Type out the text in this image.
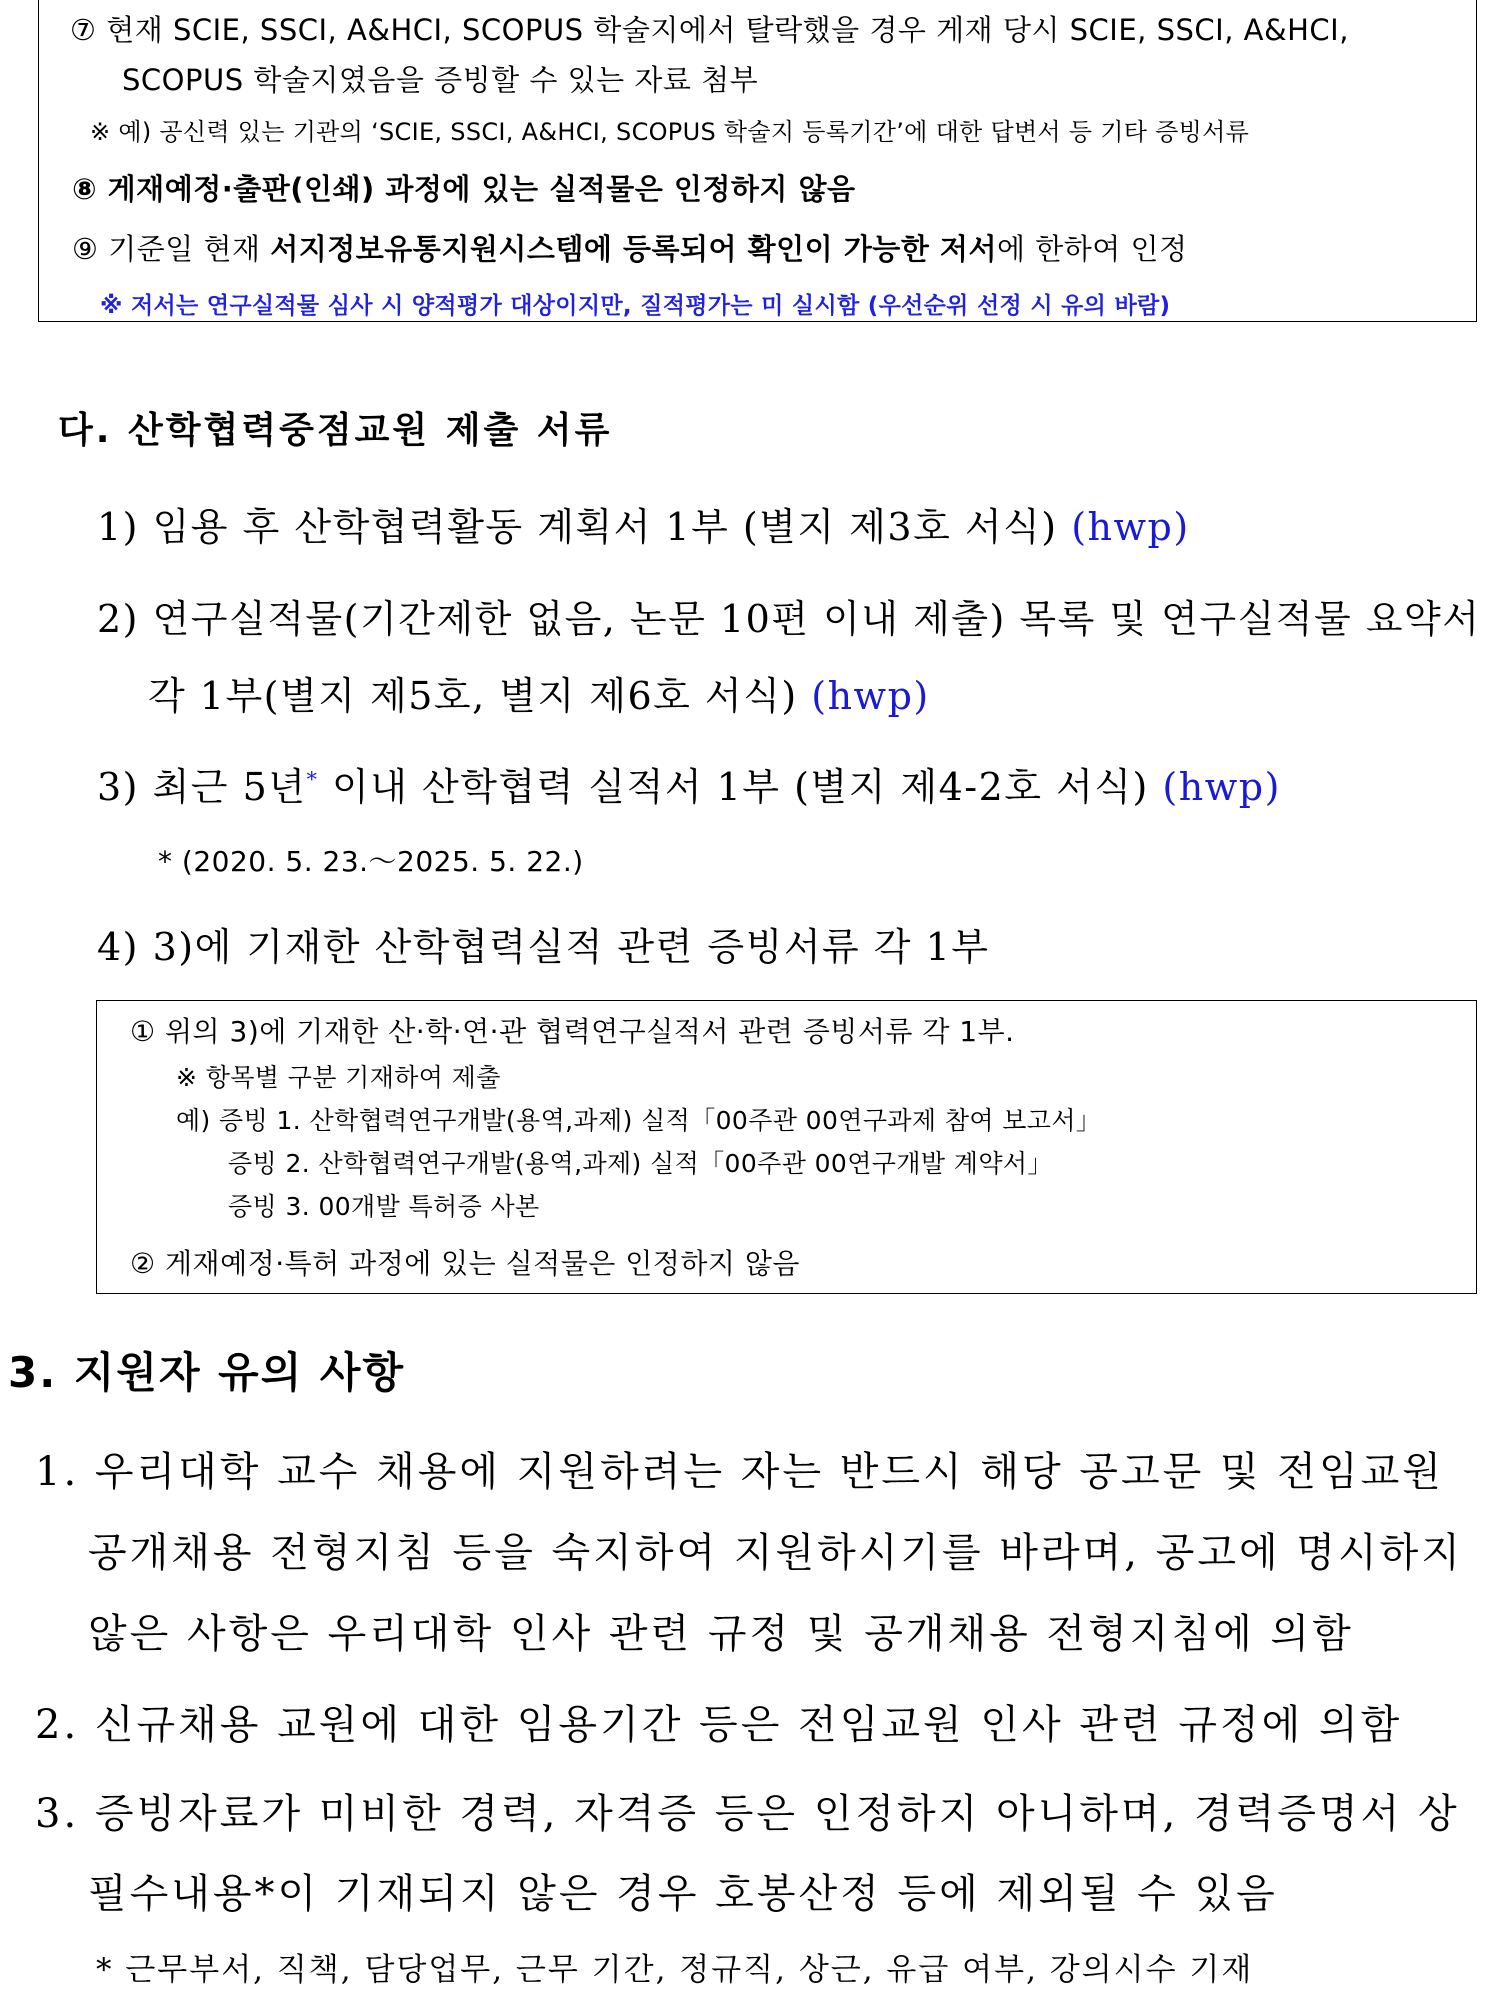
⑦ 현재 SCIE, SSCI, A&HCI, SCOPUS 학술지에서 탈락했을 경우 게재 당시 SCIE, SSCI, A&HCI,
SCOPUS 학술지였음을 증빙할 수 있는 자료 첨부
※ 예) 공신력 있는 기관의 ‘SCIE, SSCI, A&HCI, SCOPUS 학술지 등록기간’에 대한 답변서 등 기타 증빙서류
⑧ 게재예정·출판(인쇄) 과정에 있는 실적물은 인정하지 않음
⑨ 기준일 현재 서지정보유통지원시스템에 등록되어 확인이 가능한 저서에 한하여 인정
※ 저서는 연구실적물 심사 시 양적평가 대상이지만, 질적평가는 미 실시함 (우선순위 선정 시 유의 바람)
다. 산학협력중점교원 제출 서류
1) 임용 후 산학협력활동 계획서 1부 (별지 제3호 서식) (hwp)
2) 연구실적물(기간제한 없음, 논문 10편 이내 제출) 목록 및 연구실적물 요약서
각 1부(별지 제5호, 별지 제6호 서식) (hwp)
3) 최근 5년* 이내 산학협력 실적서 1부 (별지 제4-2호 서식) (hwp)
* (2020. 5. 23.～2025. 5. 22.)
4) 3)에 기재한 산학협력실적 관련 증빙서류 각 1부
① 위의 3)에 기재한 산·학·연·관 협력연구실적서 관련 증빙서류 각 1부.
※ 항목별 구분 기재하여 제출
예) 증빙 1. 산학협력연구개발(용역,과제) 실적「00주관 00연구과제 참여 보고서」
증빙 2. 산학협력연구개발(용역,과제) 실적「00주관 00연구개발 계약서」
증빙 3. 00개발 특허증 사본
② 게재예정·특허 과정에 있는 실적물은 인정하지 않음
3. 지원자 유의 사항
1. 우리대학 교수 채용에 지원하려는 자는 반드시 해당 공고문 및 전임교원
공개채용 전형지침 등을 숙지하여 지원하시기를 바라며, 공고에 명시하지
않은 사항은 우리대학 인사 관련 규정 및 공개채용 전형지침에 의함
2. 신규채용 교원에 대한 임용기간 등은 전임교원 인사 관련 규정에 의함
3. 증빙자료가 미비한 경력, 자격증 등은 인정하지 아니하며, 경력증명서 상
필수내용*이 기재되지 않은 경우 호봉산정 등에 제외될 수 있음
* 근무부서, 직책, 담당업무, 근무 기간, 정규직, 상근, 유급 여부, 강의시수 기재
